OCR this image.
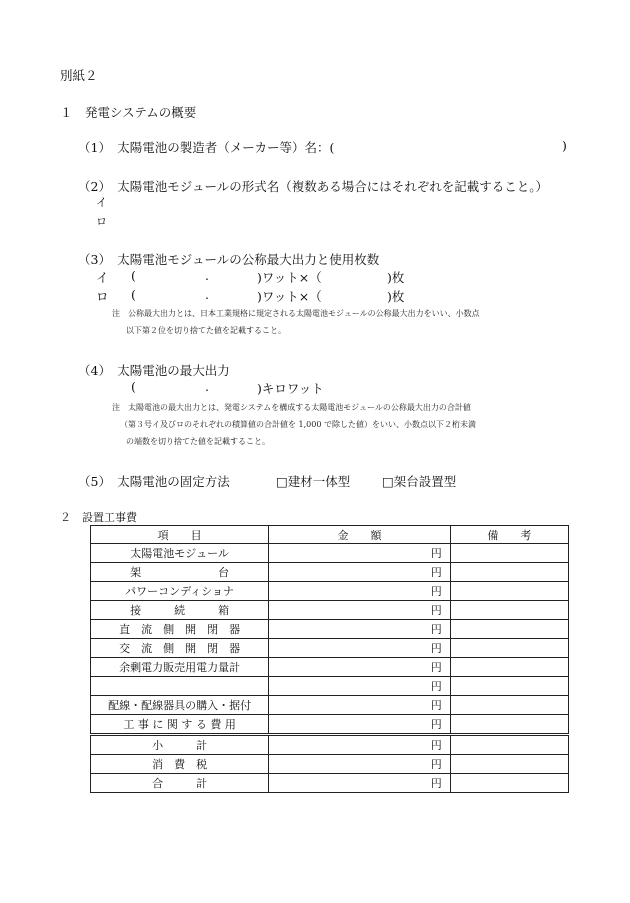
別紙２
１　発電システムの概要
（1）　太陽電池の製造者（メーカー等）名：(	)
（2）　太陽電池モジュールの形式名（複数ある場合にはそれぞれを記載すること。）
イ
ロ
（3）　太陽電池モジュールの公称最大出力と使用枚数
イ (	.	)ワット×（	)枚
ロ (	.	)ワット×（	)枚
注　公称最大出力とは、日本工業規格に規定される太陽電池モジュールの公称最大出力をいい、小数点
以下第２位を切り捨てた値を記載すること。
（4）　太陽電池の最大出力
(	.	)キロワット
注　太陽電池の最大出力とは、発電システムを構成する太陽電池モジュールの公称最大出力の合計値
（第３号イ及びロのそれぞれの積算値の合計値を 1,000 で除した値）をいい、小数点以下２桁未満
の端数を切り捨てた値を記載すること。
（5）　太陽電池の固定方法	□建材一体型	□架台設置型
２　設置工事費
項　　目	金　　額	備　　考
太陽電池モジュール	円	
架　　　　　　　台	円	
パワーコンディショナ	円	
接　　　続　　　箱	円	
直　流　側　開　閉　器	円	
交　流　側　開　閉　器	円	
余剰電力販売用電力量計	円	
	円	
配線・配線器具の購入・据付	円	
工 事 に 関 す る 費 用	円	
小　　　計	円	
消　費　税	円	
合　　　計	円	
